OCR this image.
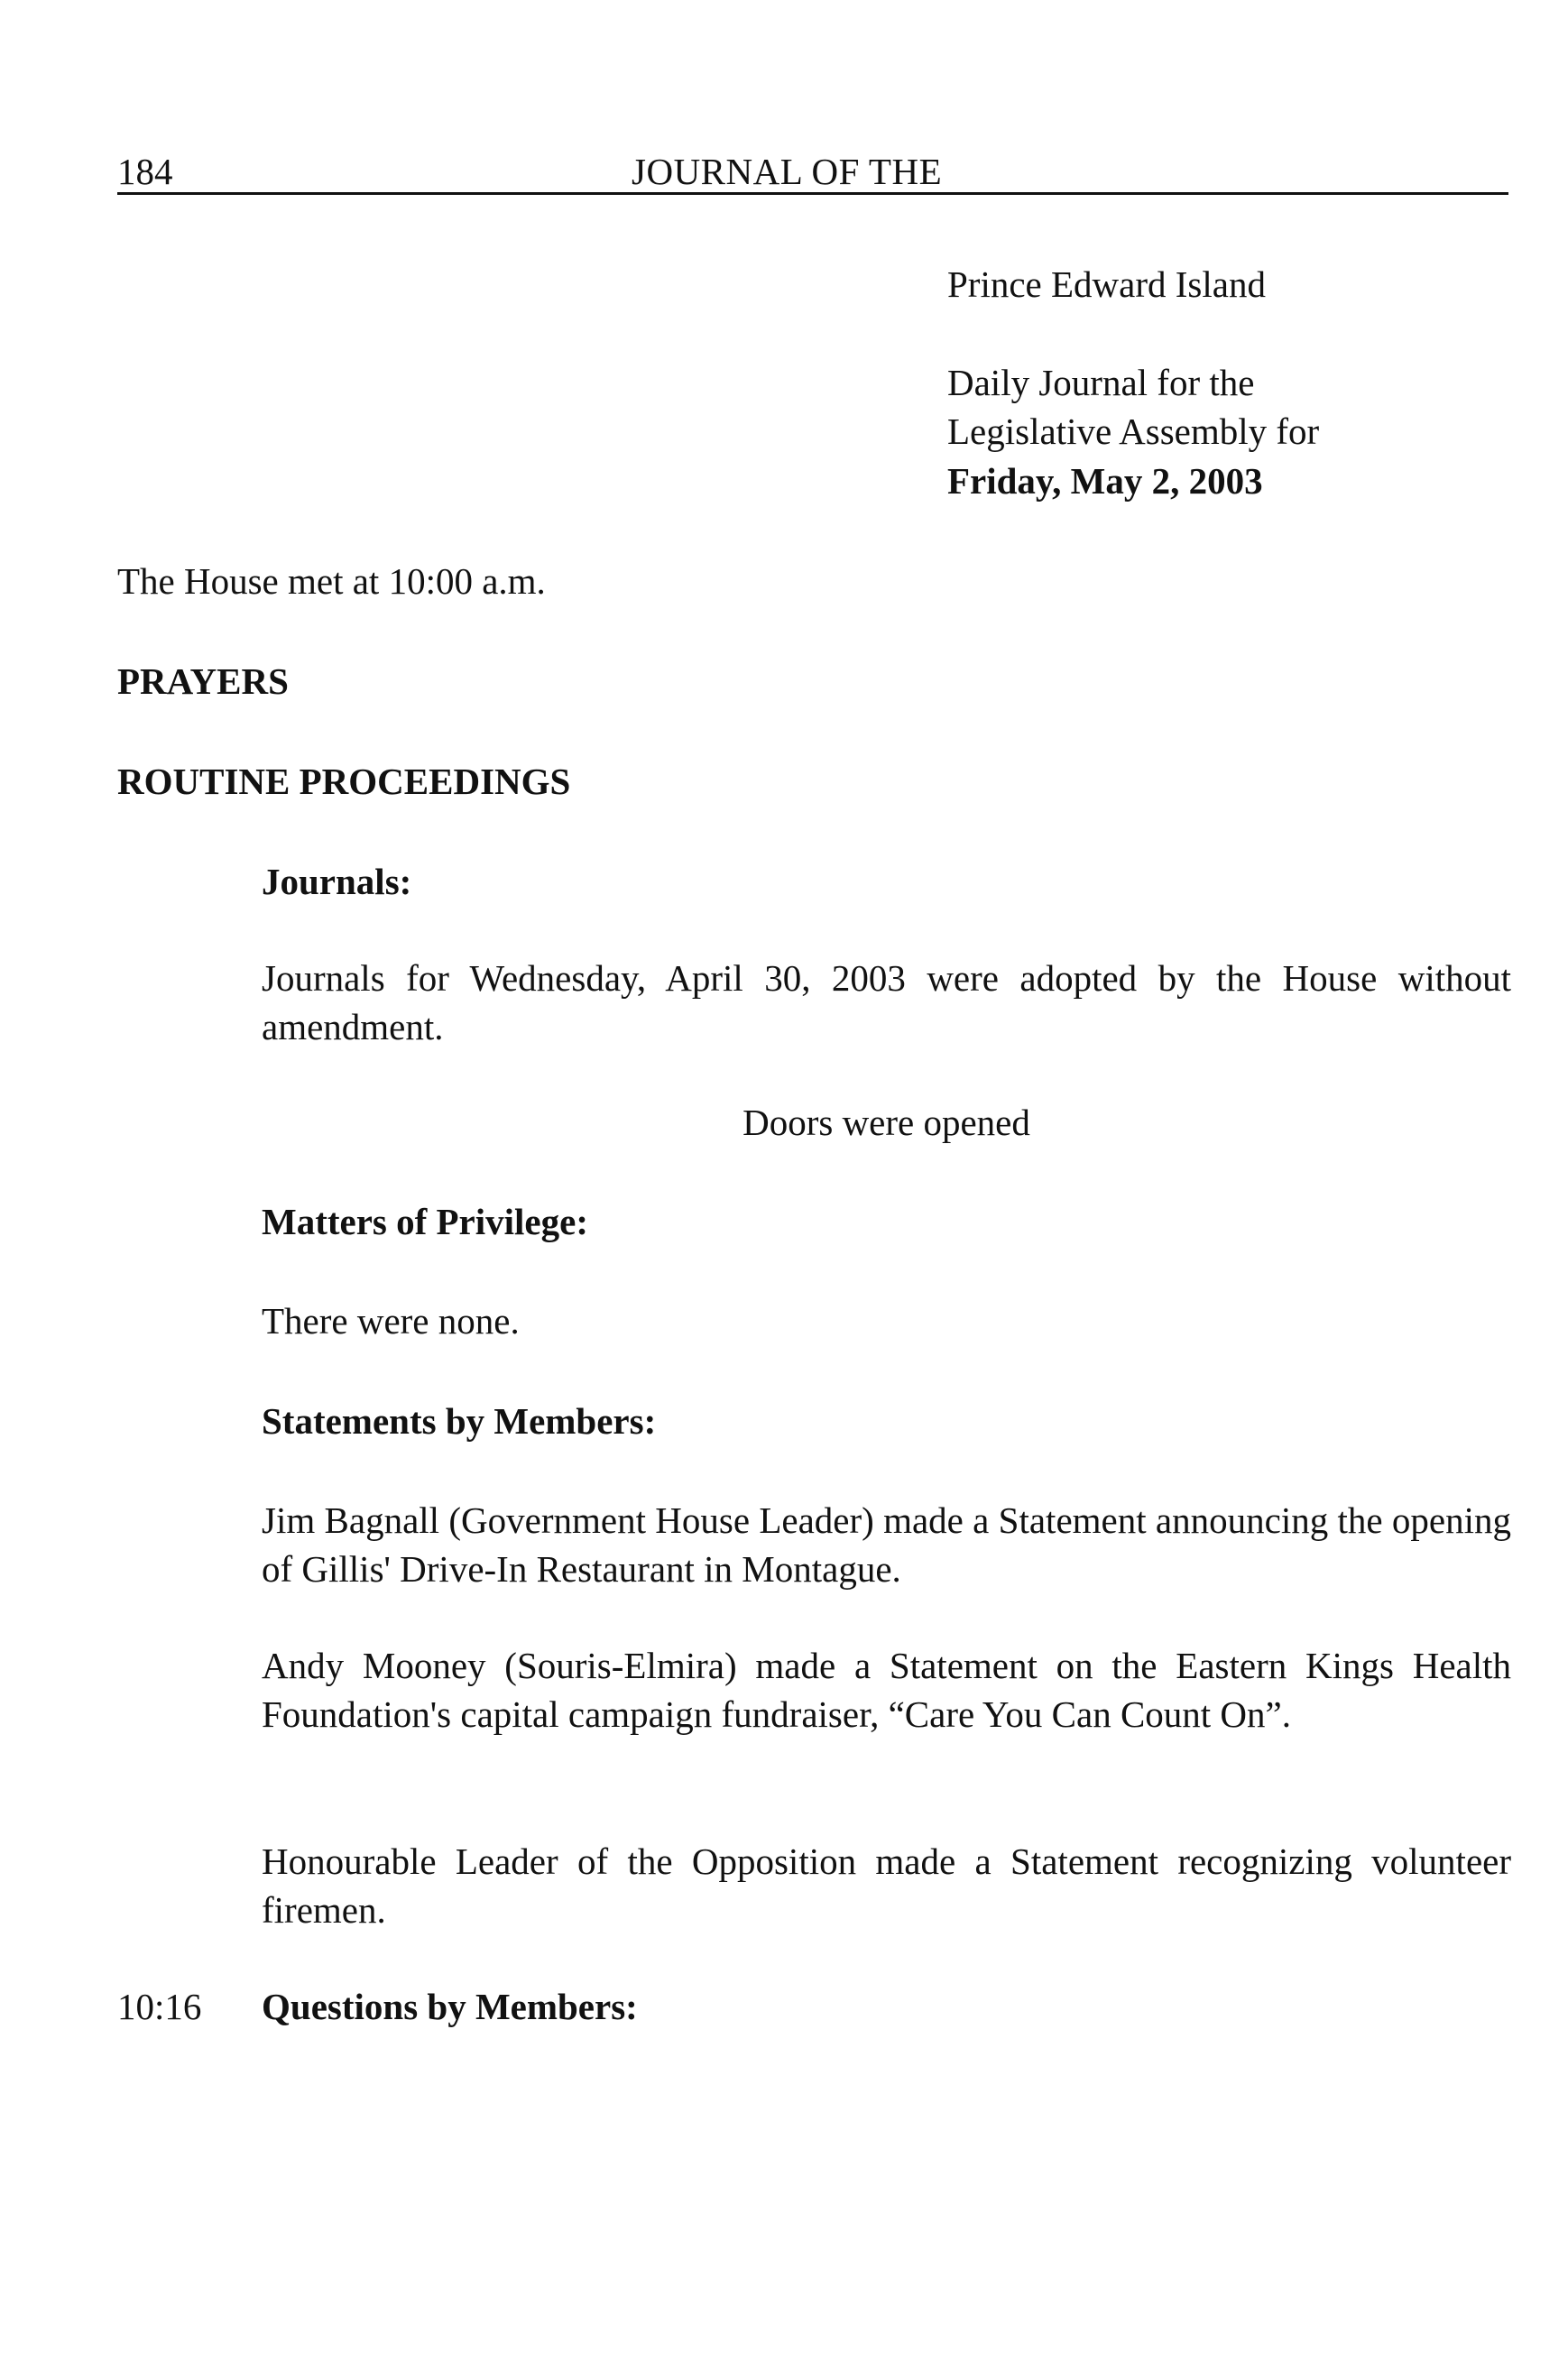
184	JOURNAL OF THE
Prince Edward Island
Daily Journal for the
Legislative Assembly for
Friday, May 2, 2003
The House met at 10:00 a.m.
PRAYERS
ROUTINE PROCEEDINGS
Journals:
Journals for Wednesday, April 30, 2003 were adopted by the House without amendment.
Doors were opened
Matters of Privilege:
There were none.
Statements by Members:
Jim Bagnall (Government House Leader) made a Statement announcing the opening of Gillis' Drive-In Restaurant in Montague.
Andy Mooney (Souris-Elmira) made a Statement on the Eastern Kings Health Foundation's capital campaign fundraiser, “Care You Can Count On”.
Honourable Leader of the Opposition made a Statement recognizing volunteer firemen.
10:16 Questions by Members:
